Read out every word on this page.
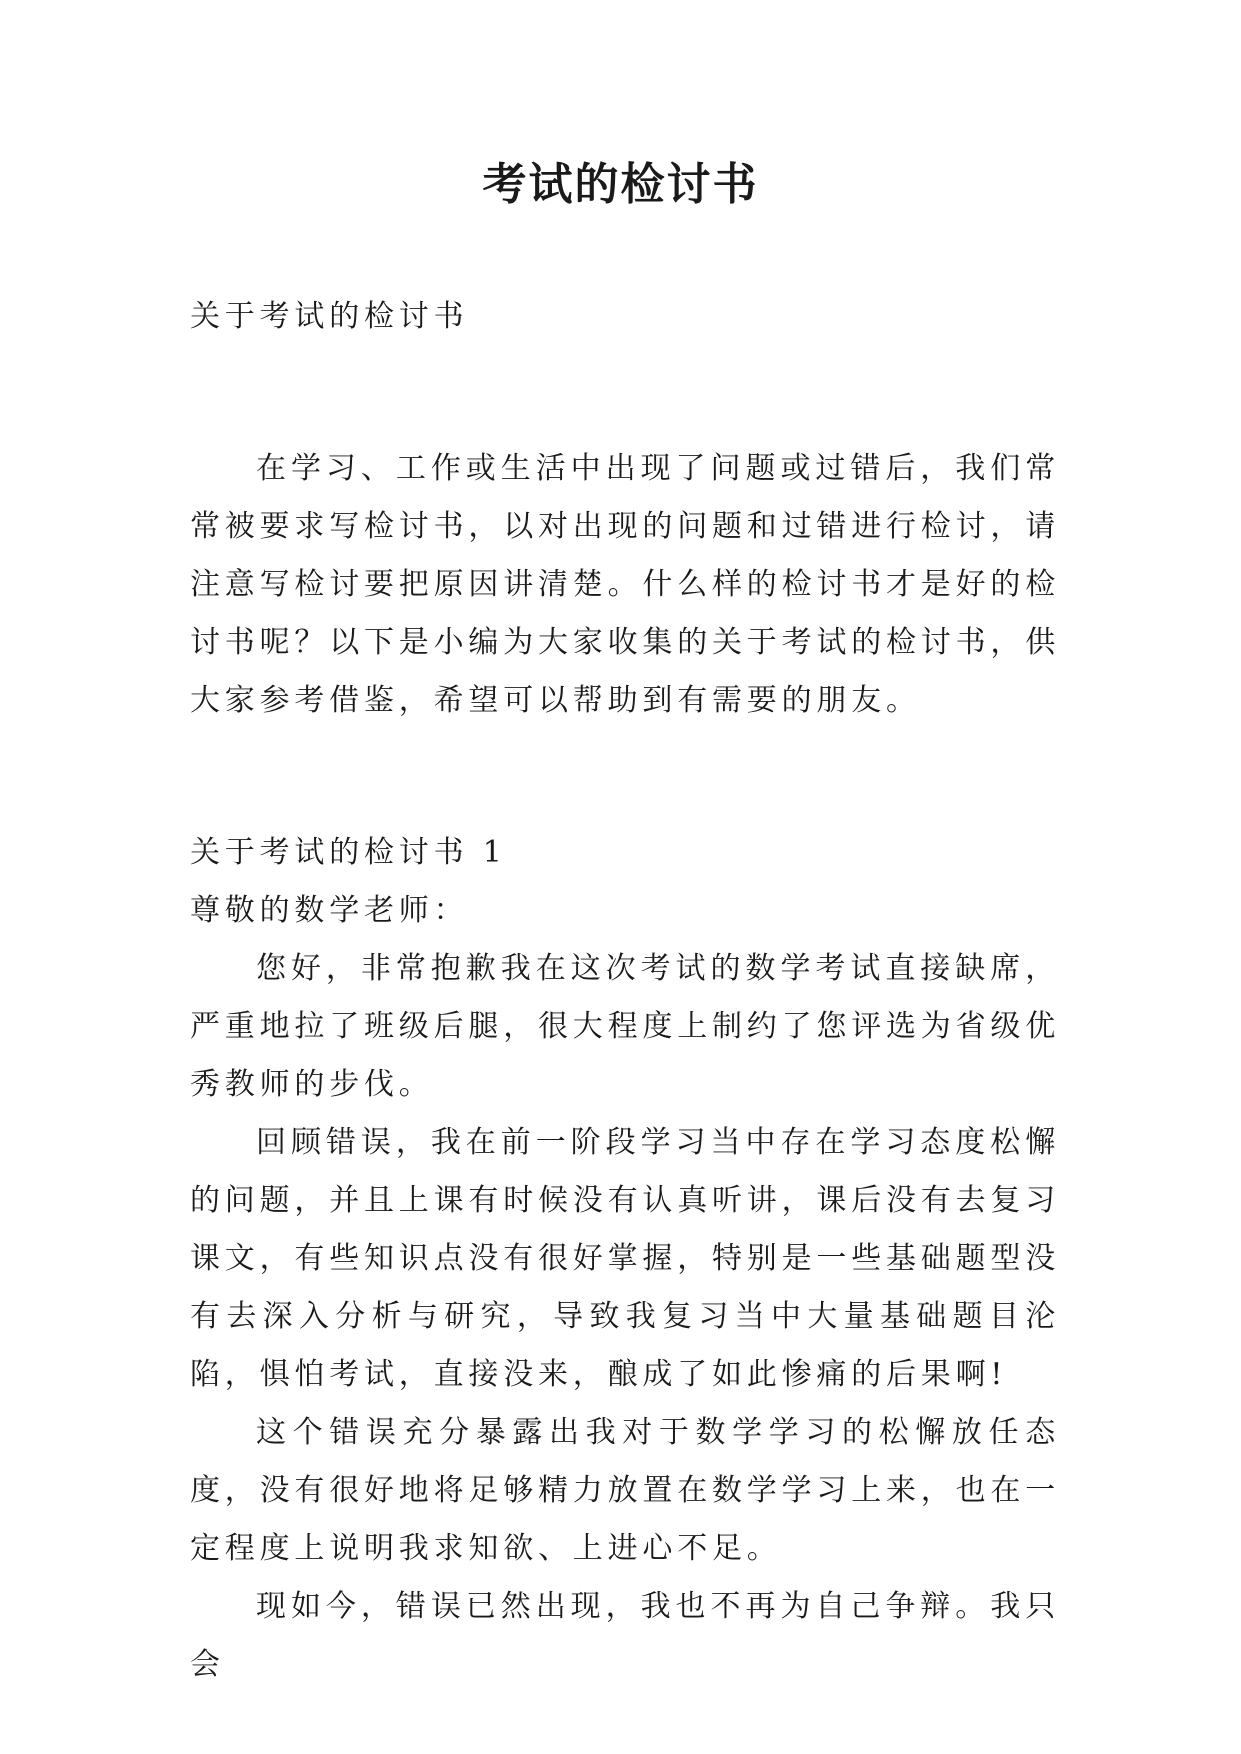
考试的检讨书

关于考试的检讨书

在学习、工作或生活中出现了问题或过错后，我们常常被要求写检讨书，以对出现的问题和过错进行检讨，请注意写检讨要把原因讲清楚。什么样的检讨书才是好的检讨书呢？以下是小编为大家收集的关于考试的检讨书，供大家参考借鉴，希望可以帮助到有需要的朋友。

关于考试的检讨书 1

尊敬的数学老师：

您好，非常抱歉我在这次考试的数学考试直接缺席，严重地拉了班级后腿，很大程度上制约了您评选为省级优秀教师的步伐。

回顾错误，我在前一阶段学习当中存在学习态度松懈的问题，并且上课有时候没有认真听讲，课后没有去复习课文，有些知识点没有很好掌握，特别是一些基础题型没有去深入分析与研究，导致我复习当中大量基础题目沦陷，惧怕考试，直接没来，酿成了如此惨痛的后果啊!

这个错误充分暴露出我对于数学学习的松懈放任态度，没有很好地将足够精力放置在数学学习上来，也在一定程度上说明我求知欲、上进心不足。

现如今，错误已然出现，我也不再为自己争辩。我只会
